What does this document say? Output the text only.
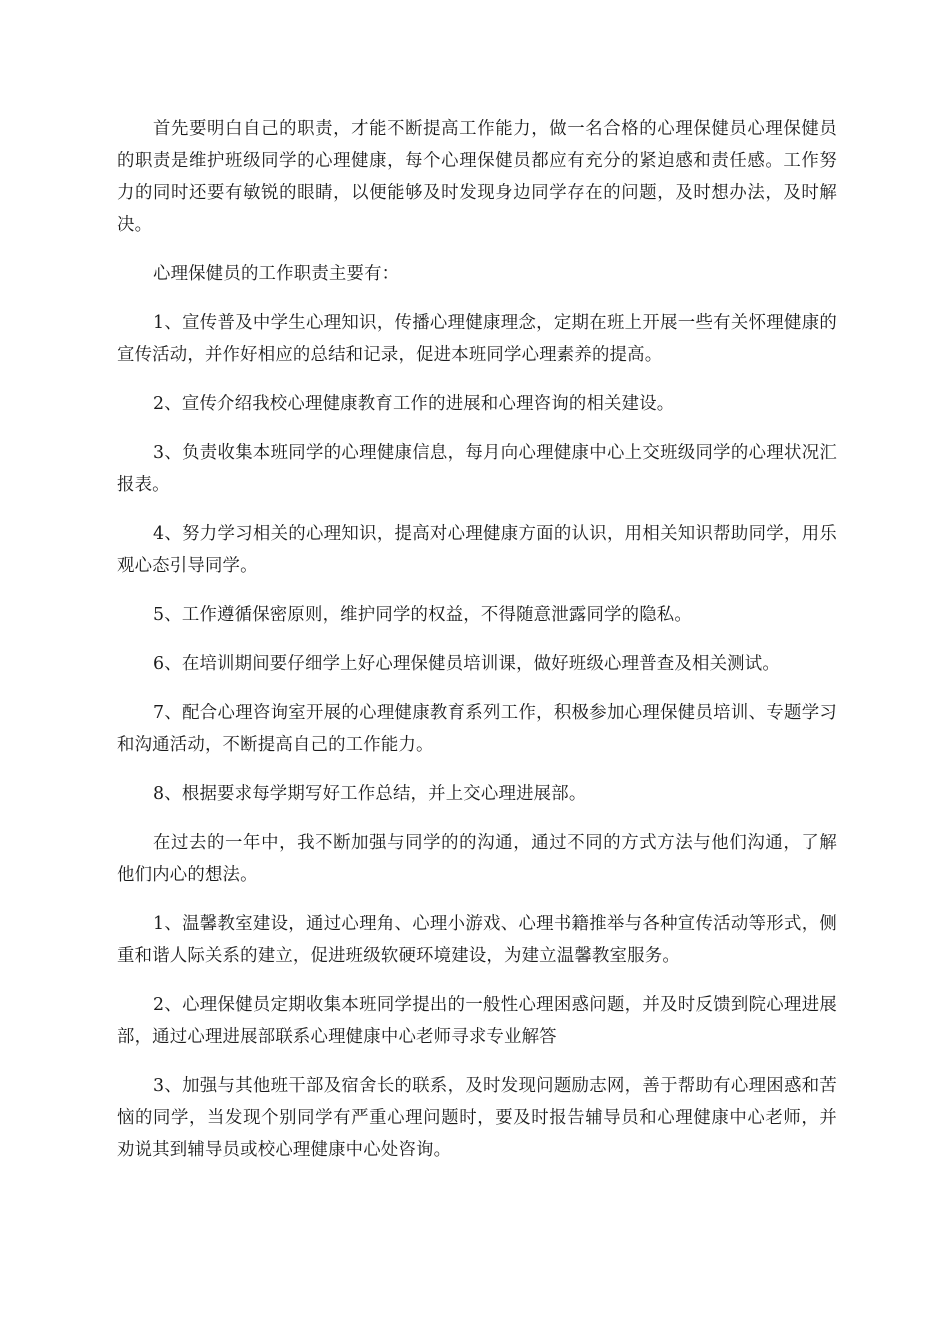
首先要明白自己的职责，才能不断提高工作能力，做一名合格的心理保健员心理保健员的职责是维护班级同学的心理健康，每个心理保健员都应有充分的紧迫感和责任感。工作努力的同时还要有敏锐的眼睛，以便能够及时发现身边同学存在的问题，及时想办法，及时解决。

心理保健员的工作职责主要有：

1、宣传普及中学生心理知识，传播心理健康理念，定期在班上开展一些有关怀理健康的宣传活动，并作好相应的总结和记录，促进本班同学心理素养的提高。

2、宣传介绍我校心理健康教育工作的进展和心理咨询的相关建设。

3、负责收集本班同学的心理健康信息，每月向心理健康中心上交班级同学的心理状况汇报表。

4、努力学习相关的心理知识，提高对心理健康方面的认识，用相关知识帮助同学，用乐观心态引导同学。

5、工作遵循保密原则，维护同学的权益，不得随意泄露同学的隐私。

6、在培训期间要仔细学上好心理保健员培训课，做好班级心理普查及相关测试。

7、配合心理咨询室开展的心理健康教育系列工作，积极参加心理保健员培训、专题学习和沟通活动，不断提高自己的工作能力。

8、根据要求每学期写好工作总结，并上交心理进展部。

在过去的一年中，我不断加强与同学的的沟通，通过不同的方式方法与他们沟通，了解他们内心的想法。

1、温馨教室建设，通过心理角、心理小游戏、心理书籍推举与各种宣传活动等形式，侧重和谐人际关系的建立，促进班级软硬环境建设，为建立温馨教室服务。

2、心理保健员定期收集本班同学提出的一般性心理困惑问题，并及时反馈到院心理进展部，通过心理进展部联系心理健康中心老师寻求专业解答

3、加强与其他班干部及宿舍长的联系，及时发现问题励志网，善于帮助有心理困惑和苦恼的同学，当发现个别同学有严重心理问题时，要及时报告辅导员和心理健康中心老师，并劝说其到辅导员或校心理健康中心处咨询。
